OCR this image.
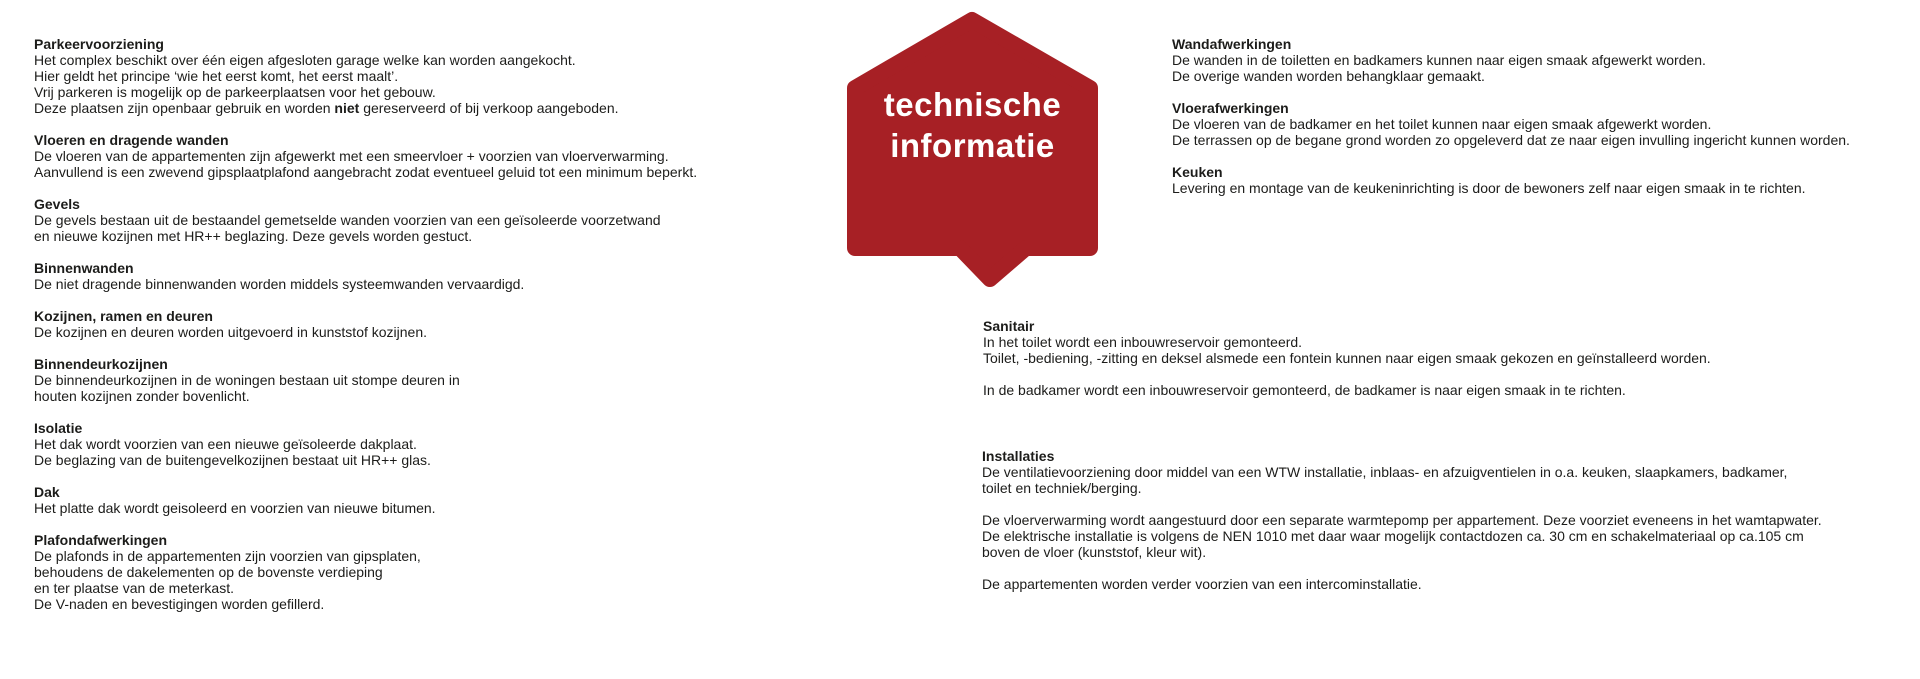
Parkeervoorziening
Het complex beschikt over één eigen afgesloten garage welke kan worden aangekocht.
Hier geldt het principe ‘wie het eerst komt, het eerst maalt’.
Vrij parkeren is mogelijk op de parkeerplaatsen voor het gebouw.
Deze plaatsen zijn openbaar gebruik en worden niet gereserveerd of bij verkoop aangeboden.
Vloeren en dragende wanden
De vloeren van de appartementen zijn afgewerkt met een smeervloer + voorzien van vloerverwarming.
Aanvullend is een zwevend gipsplaatplafond aangebracht zodat eventueel geluid tot een minimum beperkt.
Gevels
De gevels bestaan uit de bestaandel gemetselde wanden voorzien van een geïsoleerde voorzetwand
en nieuwe kozijnen met HR++ beglazing. Deze gevels worden gestuct.
Binnenwanden
De niet dragende binnenwanden worden middels systeemwanden vervaardigd.
Kozijnen, ramen en deuren
De kozijnen en deuren worden uitgevoerd in kunststof kozijnen.
Binnendeurkozijnen
De binnendeurkozijnen in de woningen bestaan uit stompe deuren in
houten kozijnen zonder bovenlicht.
Isolatie
Het dak wordt voorzien van een nieuwe geïsoleerde dakplaat.
De beglazing van de buitengevelkozijnen bestaat uit HR++ glas.
Dak
Het platte dak wordt geisoleerd en voorzien van nieuwe bitumen.
Plafondafwerkingen
De plafonds in de appartementen zijn voorzien van gipsplaten,
behoudens de dakelementen op de bovenste verdieping
en ter plaatse van de meterkast.
De V-naden en bevestigingen worden gefillerd.
technische
informatie
Wandafwerkingen
De wanden in de toiletten en badkamers kunnen naar eigen smaak afgewerkt worden.
De overige wanden worden behangklaar gemaakt.
Vloerafwerkingen
De vloeren van de badkamer en het toilet kunnen naar eigen smaak afgewerkt worden.
De terrassen op de begane grond worden zo opgeleverd dat ze naar eigen invulling ingericht kunnen worden.
Keuken
Levering en montage van de keukeninrichting is door de bewoners zelf naar eigen smaak in te richten.
Sanitair
In het toilet wordt een inbouwreservoir gemonteerd.
Toilet, -bediening, -zitting en deksel alsmede een fontein kunnen naar eigen smaak gekozen en geïnstalleerd worden.

In de badkamer wordt een inbouwreservoir gemonteerd, de badkamer is naar eigen smaak in te richten.
Installaties
De ventilatievoorziening door middel van een WTW installatie, inblaas- en afzuigventielen in o.a. keuken, slaapkamers, badkamer,
toilet en techniek/berging.

De vloerverwarming wordt aangestuurd door een separate warmtepomp per appartement. Deze voorziet eveneens in het wamtapwater.
De elektrische installatie is volgens de NEN 1010 met daar waar mogelijk contactdozen ca. 30 cm en schakelmateriaal op ca.105 cm
boven de vloer (kunststof, kleur wit).

De appartementen worden verder voorzien van een intercominstallatie.
